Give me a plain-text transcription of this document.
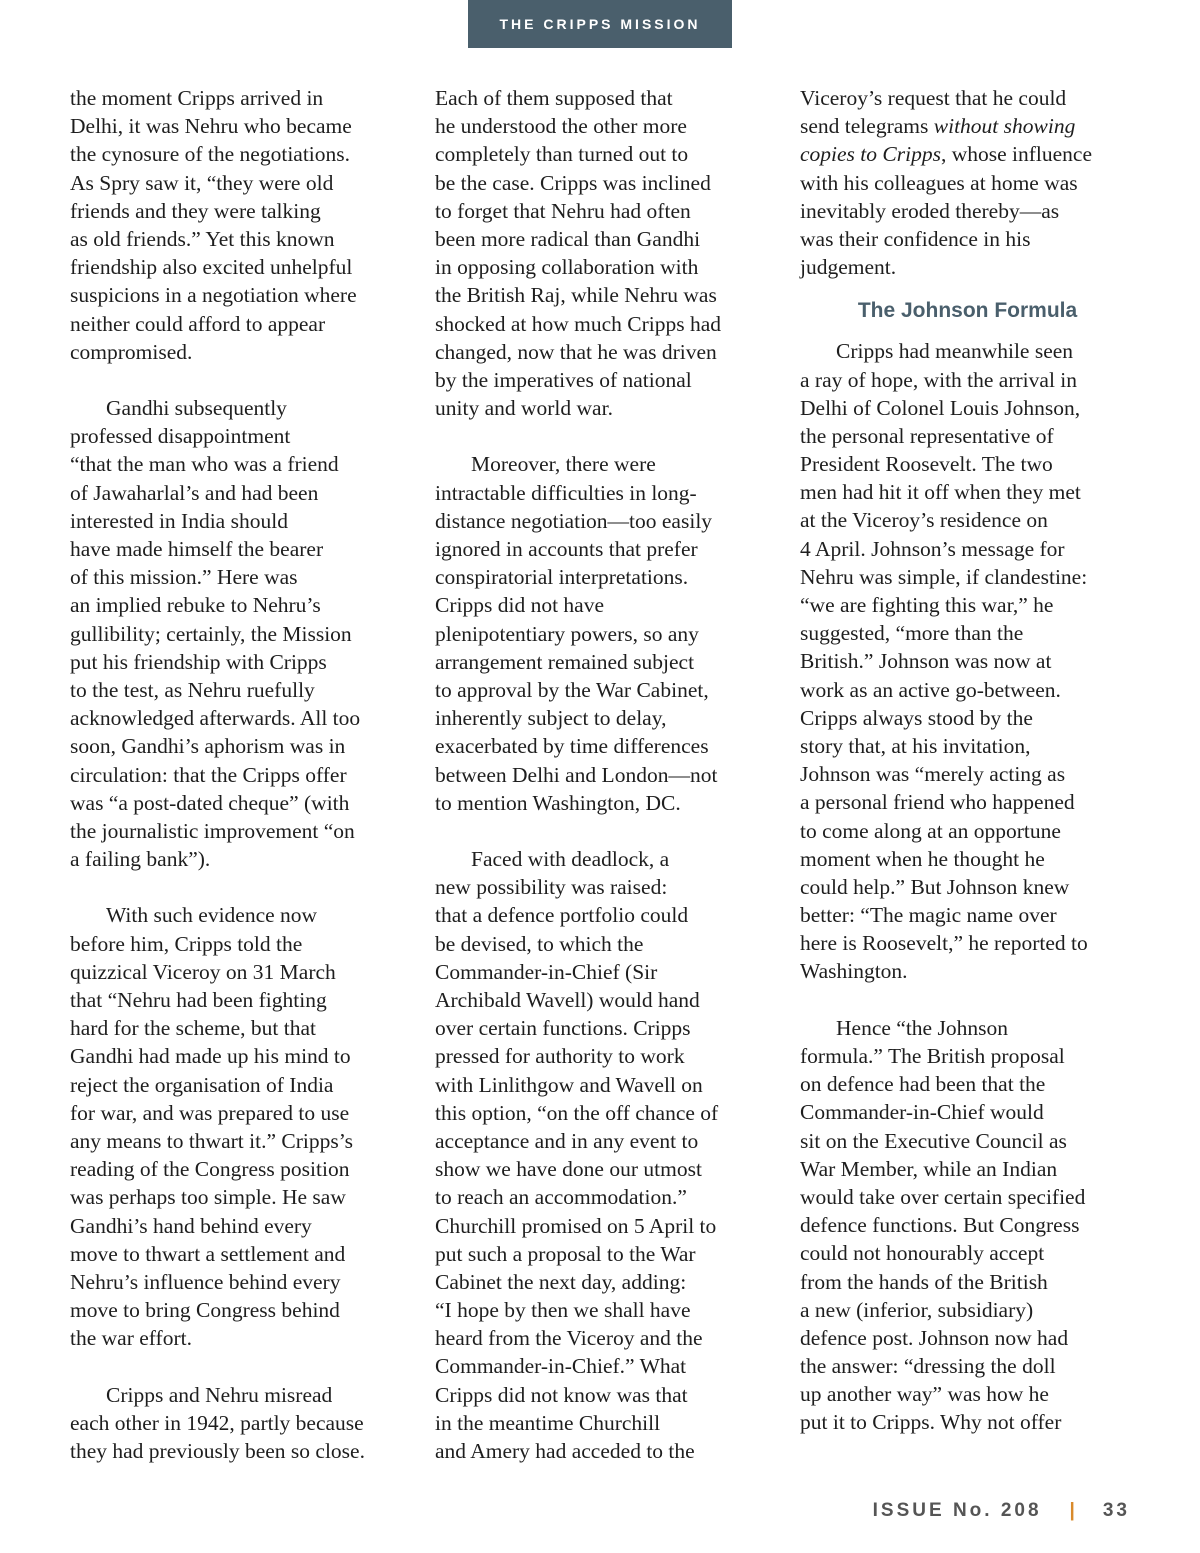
THE CRIPPS MISSION
the moment Cripps arrived in
Delhi, it was Nehru who became
the cynosure of the negotiations.
As Spry saw it, “they were old
friends and they were talking
as old friends.” Yet this known
friendship also excited unhelpful
suspicions in a negotiation where
neither could afford to appear
compromised.
Gandhi subsequently
professed disappointment
“that the man who was a friend
of Jawaharlal’s and had been
interested in India should
have made himself the bearer
of this mission.” Here was
an implied rebuke to Nehru’s
gullibility; certainly, the Mission
put his friendship with Cripps
to the test, as Nehru ruefully
acknowledged afterwards. All too
soon, Gandhi’s aphorism was in
circulation: that the Cripps offer
was “a post-dated cheque” (with
the journalistic improvement “on
a failing bank”).
With such evidence now
before him, Cripps told the
quizzical Viceroy on 31 March
that “Nehru had been fighting
hard for the scheme, but that
Gandhi had made up his mind to
reject the organisation of India
for war, and was prepared to use
any means to thwart it.” Cripps’s
reading of the Congress position
was perhaps too simple. He saw
Gandhi’s hand behind every
move to thwart a settlement and
Nehru’s influence behind every
move to bring Congress behind
the war effort.
Cripps and Nehru misread
each other in 1942, partly because
they had previously been so close.
Each of them supposed that
he understood the other more
completely than turned out to
be the case. Cripps was inclined
to forget that Nehru had often
been more radical than Gandhi
in opposing collaboration with
the British Raj, while Nehru was
shocked at how much Cripps had
changed, now that he was driven
by the imperatives of national
unity and world war.
Moreover, there were
intractable difficulties in long-
distance negotiation—too easily
ignored in accounts that prefer
conspiratorial interpretations.
Cripps did not have
plenipotentiary powers, so any
arrangement remained subject
to approval by the War Cabinet,
inherently subject to delay,
exacerbated by time differences
between Delhi and London—not
to mention Washington, DC.
Faced with deadlock, a
new possibility was raised:
that a defence portfolio could
be devised, to which the
Commander-in-Chief (Sir
Archibald Wavell) would hand
over certain functions. Cripps
pressed for authority to work
with Linlithgow and Wavell on
this option, “on the off chance of
acceptance and in any event to
show we have done our utmost
to reach an accommodation.”
Churchill promised on 5 April to
put such a proposal to the War
Cabinet the next day, adding:
“I hope by then we shall have
heard from the Viceroy and the
Commander-in-Chief.” What
Cripps did not know was that
in the meantime Churchill
and Amery had acceded to the
Viceroy’s request that he could
send telegrams without showing
copies to Cripps, whose influence
with his colleagues at home was
inevitably eroded thereby—as
was their confidence in his
judgement.
The Johnson Formula
Cripps had meanwhile seen
a ray of hope, with the arrival in
Delhi of Colonel Louis Johnson,
the personal representative of
President Roosevelt. The two
men had hit it off when they met
at the Viceroy’s residence on
4 April. Johnson’s message for
Nehru was simple, if clandestine:
“we are fighting this war,” he
suggested, “more than the
British.” Johnson was now at
work as an active go-between.
Cripps always stood by the
story that, at his invitation,
Johnson was “merely acting as
a personal friend who happened
to come along at an opportune
moment when he thought he
could help.” But Johnson knew
better: “The magic name over
here is Roosevelt,” he reported to
Washington.
Hence “the Johnson
formula.” The British proposal
on defence had been that the
Commander-in-Chief would
sit on the Executive Council as
War Member, while an Indian
would take over certain specified
defence functions. But Congress
could not honourably accept
from the hands of the British
a new (inferior, subsidiary)
defence post. Johnson now had
the answer: “dressing the doll
up another way” was how he
put it to Cripps. Why not offer
ISSUE No. 208 | 33
